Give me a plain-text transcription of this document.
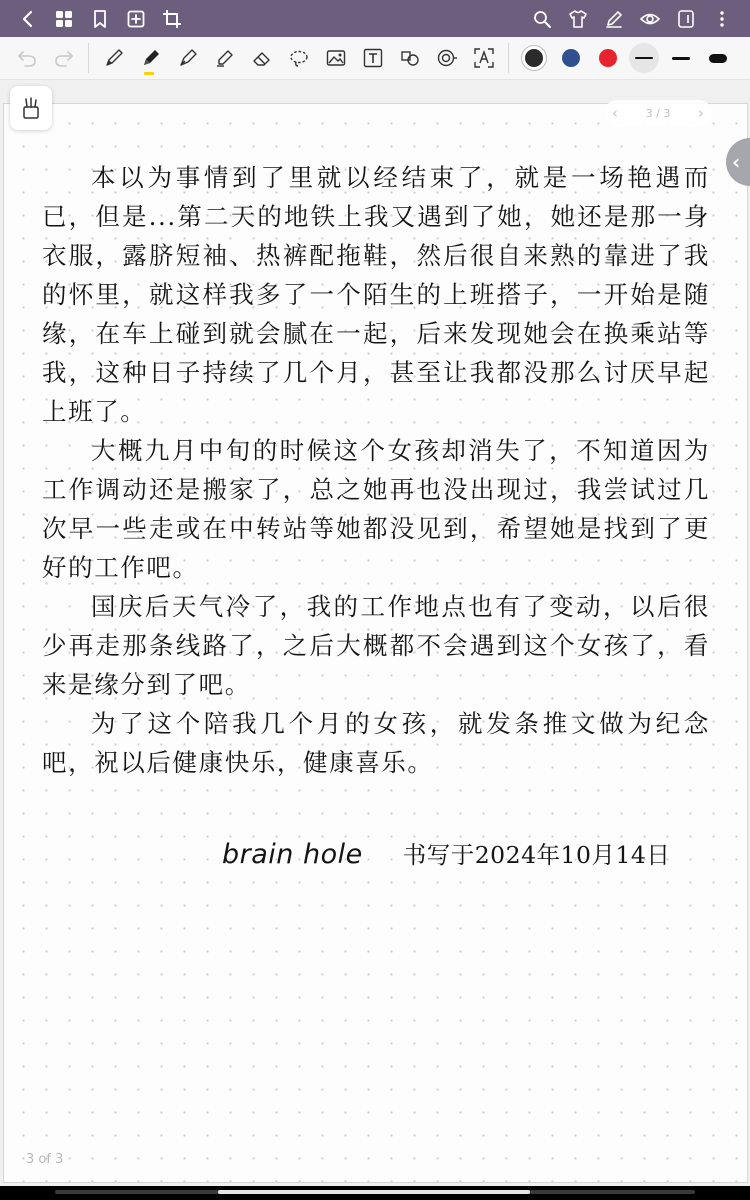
‹	3 / 3 ›
‹

本以为事情到了里就以经结束了，就是一场艳遇而已，但是...第二天的地铁上我又遇到了她，她还是那一身衣服，露脐短袖、热裤配拖鞋，然后很自来熟的靠进了我的怀里，就这样我多了一个陌生的上班搭子，一开始是随缘，在车上碰到就会腻在一起，后来发现她会在换乘站等我，这种日子持续了几个月，甚至让我都没那么讨厌早起上班了。

大概九月中旬的时候这个女孩却消失了，不知道因为工作调动还是搬家了，总之她再也没出现过，我尝试过几次早一些走或在中转站等她都没见到，希望她是找到了更好的工作吧。

国庆后天气冷了，我的工作地点也有了变动，以后很少再走那条线路了，之后大概都不会遇到这个女孩了，看来是缘分到了吧。

为了这个陪我几个月的女孩，就发条推文做为纪念吧，祝以后健康快乐，健康喜乐。

brain hole 书写于2024年10月14日
3 of 3
